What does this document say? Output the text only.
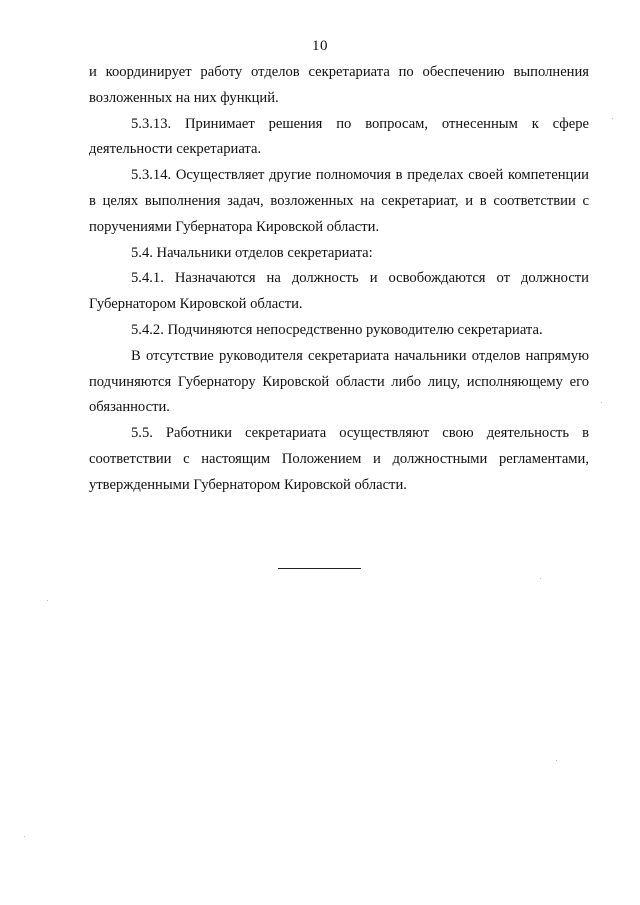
10

и координирует работу отделов секретариата по обеспечению выполнения возложенных на них функций.

5.3.13. Принимает решения по вопросам, отнесенным к сфере деятельности секретариата.

5.3.14. Осуществляет другие полномочия в пределах своей компетенции в целях выполнения задач, возложенных на секретариат, и в соответствии с поручениями Губернатора Кировской области.

5.4. Начальники отделов секретариата:

5.4.1. Назначаются на должность и освобождаются от должности Губернатором Кировской области.

5.4.2. Подчиняются непосредственно руководителю секретариата.

В отсутствие руководителя секретариата начальники отделов напрямую подчиняются Губернатору Кировской области либо лицу, исполняющему его обязанности.

5.5. Работники секретариата осуществляют свою деятельность в соответствии с настоящим Положением и должностными регламентами, утвержденными Губернатором Кировской области.
